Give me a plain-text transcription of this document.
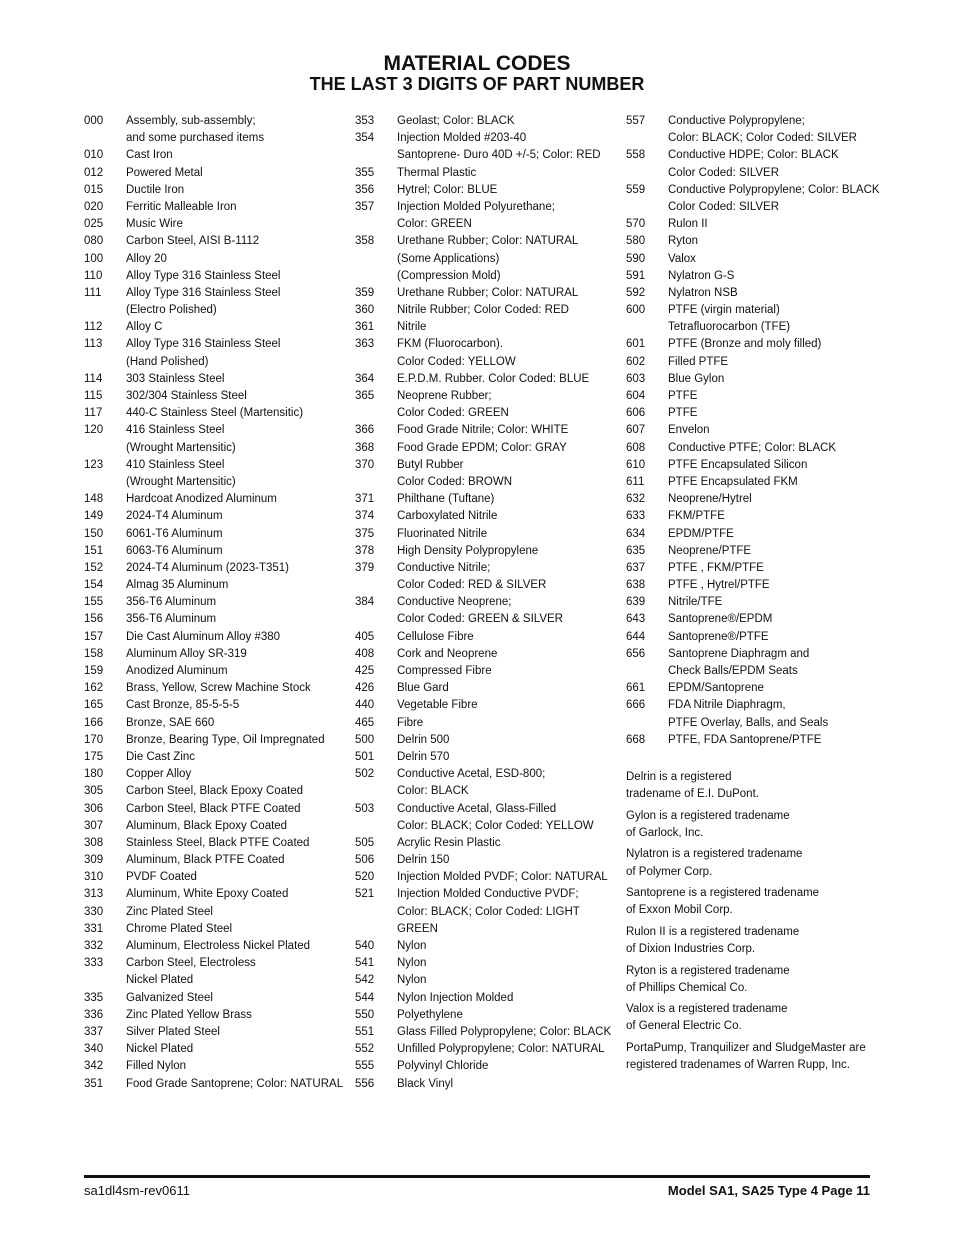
MATERIAL CODES
THE LAST 3 DIGITS OF PART NUMBER
000	Assembly, sub-assembly;
and some purchased items
010	Cast Iron
012	Powered Metal
015	Ductile Iron
020	Ferritic Malleable Iron
025	Music Wire
080	Carbon Steel, AISI B-1112
100	Alloy 20
110	Alloy Type 316 Stainless Steel
111	Alloy Type 316 Stainless Steel
(Electro Polished)
112	Alloy C
113	Alloy Type 316 Stainless Steel
(Hand Polished)
114	303 Stainless Steel
115	302/304 Stainless Steel
117	440-C Stainless Steel (Martensitic)
120	416 Stainless Steel
(Wrought Martensitic)
123	410 Stainless Steel
(Wrought Martensitic)
148	Hardcoat Anodized Aluminum
149	2024-T4 Aluminum
150	6061-T6 Aluminum
151	6063-T6 Aluminum
152	2024-T4 Aluminum (2023-T351)
154	Almag 35 Aluminum
155	356-T6 Aluminum
156	356-T6 Aluminum
157	Die Cast Aluminum Alloy #380
158	Aluminum Alloy SR-319
159	Anodized Aluminum
162	Brass, Yellow, Screw Machine Stock
165	Cast Bronze, 85-5-5-5
166	Bronze, SAE 660
170	Bronze, Bearing Type, Oil Impregnated
175	Die Cast Zinc
180	Copper Alloy
305	Carbon Steel, Black Epoxy Coated
306	Carbon Steel, Black PTFE Coated
307	Aluminum, Black Epoxy Coated
308	Stainless Steel, Black PTFE Coated
309	Aluminum, Black PTFE Coated
310	PVDF Coated
313	Aluminum, White Epoxy Coated
330	Zinc Plated Steel
331	Chrome Plated Steel
332	Aluminum, Electroless Nickel Plated
333	Carbon Steel, Electroless
Nickel Plated
335	Galvanized Steel
336	Zinc Plated Yellow Brass
337	Silver Plated Steel
340	Nickel Plated
342	Filled Nylon
351	Food Grade Santoprene; Color: NATURAL
353	Geolast; Color: BLACK
354	Injection Molded #203-40
Santoprene- Duro 40D +/-5; Color: RED
355	Thermal Plastic
356	Hytrel; Color: BLUE
357	Injection Molded Polyurethane;
Color: GREEN
358	Urethane Rubber; Color: NATURAL
(Some Applications)
(Compression Mold)
359	Urethane Rubber; Color: NATURAL
360	Nitrile Rubber; Color Coded: RED
361	Nitrile
363	FKM (Fluorocarbon).
Color Coded: YELLOW
364	E.P.D.M. Rubber. Color Coded: BLUE
365	Neoprene Rubber;
Color Coded: GREEN
366	Food Grade Nitrile; Color: WHITE
368	Food Grade EPDM; Color: GRAY
370	Butyl Rubber
Color Coded: BROWN
371	Philthane (Tuftane)
374	Carboxylated Nitrile
375	Fluorinated Nitrile
378	High Density Polypropylene
379	Conductive Nitrile;
Color Coded: RED & SILVER
384	Conductive Neoprene;
Color Coded: GREEN & SILVER
405	Cellulose Fibre
408	Cork and Neoprene
425	Compressed Fibre
426	Blue Gard
440	Vegetable Fibre
465	Fibre
500	Delrin 500
501	Delrin 570
502	Conductive Acetal, ESD-800;
Color: BLACK
503	Conductive Acetal, Glass-Filled
Color: BLACK; Color Coded: YELLOW
505	Acrylic Resin Plastic
506	Delrin 150
520	Injection Molded PVDF; Color: NATURAL
521	Injection Molded Conductive PVDF;
Color: BLACK; Color Coded: LIGHT
GREEN
540	Nylon
541	Nylon
542	Nylon
544	Nylon Injection Molded
550	Polyethylene
551	Glass Filled Polypropylene; Color: BLACK
552	Unfilled Polypropylene; Color: NATURAL
555	Polyvinyl Chloride
556	Black Vinyl
557	Conductive Polypropylene;
Color: BLACK; Color Coded: SILVER
558	Conductive HDPE; Color: BLACK
Color Coded: SILVER
559	Conductive Polypropylene; Color: BLACK
Color Coded: SILVER
570	Rulon II
580	Ryton
590	Valox
591	Nylatron G-S
592	Nylatron NSB
600	PTFE (virgin material)
Tetrafluorocarbon (TFE)
601	PTFE (Bronze and moly filled)
602	Filled PTFE
603	Blue Gylon
604	PTFE
606	PTFE
607	Envelon
608	Conductive PTFE; Color: BLACK
610	PTFE Encapsulated Silicon
611	PTFE Encapsulated FKM
632	Neoprene/Hytrel
633	FKM/PTFE
634	EPDM/PTFE
635	Neoprene/PTFE
637	PTFE , FKM/PTFE
638	PTFE , Hytrel/PTFE
639	Nitrile/TFE
643	Santoprene®/EPDM
644	Santoprene®/PTFE
656	Santoprene Diaphragm and
Check Balls/EPDM Seats
661	EPDM/Santoprene
666	FDA Nitrile Diaphragm,
PTFE Overlay, Balls, and Seals
668	PTFE, FDA Santoprene/PTFE
Delrin is a registered
tradename of E.I. DuPont.
Gylon is a registered tradename
of Garlock, Inc.
Nylatron is a registered tradename
of Polymer Corp.
Santoprene is a registered tradename
of Exxon Mobil Corp.
Rulon II is a registered tradename
of Dixion Industries Corp.
Ryton is a registered tradename
of Phillips Chemical Co.
Valox is a registered tradename
of General Electric Co.
PortaPump, Tranquilizer and SludgeMaster are
registered tradenames of Warren Rupp, Inc.
sa1dl4sm-rev0611	Model SA1, SA25 Type 4 Page 11
